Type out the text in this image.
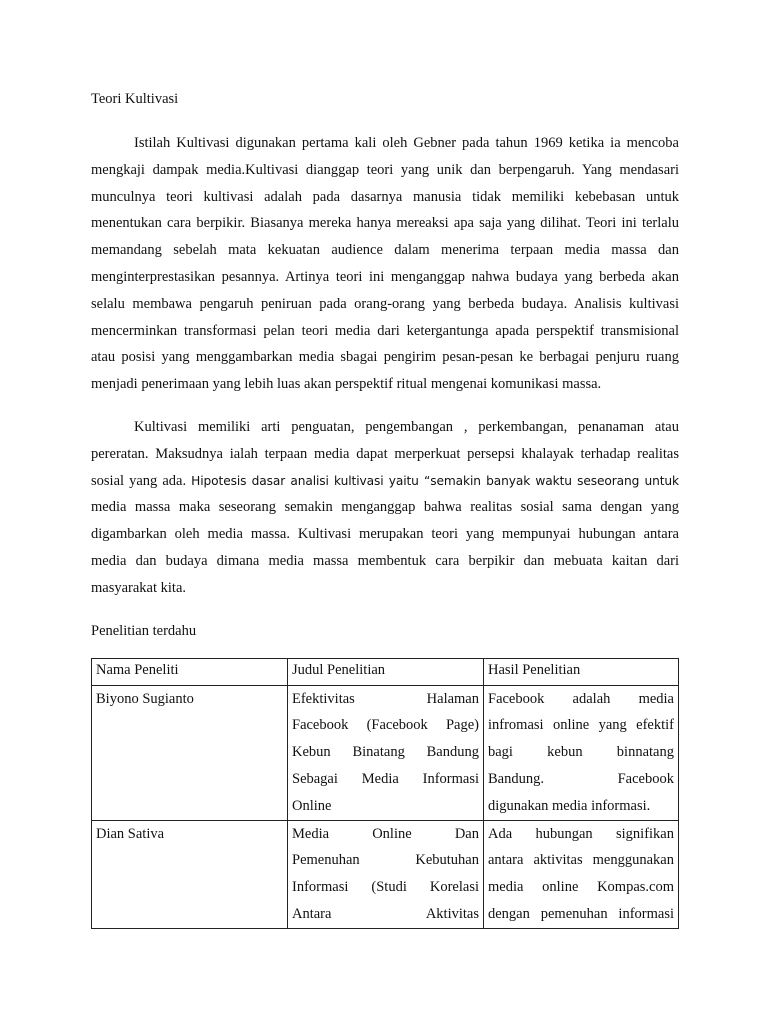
Teori Kultivasi

Istilah Kultivasi digunakan pertama kali oleh Gebner pada tahun 1969 ketika ia mencoba
mengkaji dampak media.Kultivasi dianggap teori yang unik dan berpengaruh. Yang mendasari
munculnya teori kultivasi adalah pada dasarnya manusia tidak memiliki kebebasan untuk
menentukan cara berpikir. Biasanya mereka hanya mereaksi apa saja yang dilihat. Teori ini terlalu
memandang sebelah mata kekuatan audience dalam menerima terpaan media massa dan
menginterprestasikan pesannya. Artinya teori ini menganggap nahwa budaya yang berbeda akan
selalu membawa pengaruh peniruan pada orang-orang yang berbeda budaya. Analisis kultivasi
mencerminkan transformasi pelan teori media dari ketergantunga apada perspektif transmisional
atau posisi yang menggambarkan media sbagai pengirim pesan-pesan ke berbagai penjuru ruang
menjadi penerimaan yang lebih luas akan perspektif ritual mengenai komunikasi massa.
Kultivasi memiliki arti penguatan, pengembangan , perkembangan, penanaman atau
pereratan. Maksudnya ialah terpaan media dapat merperkuat persepsi khalayak terhadap realitas
sosial yang ada. Hipotesis dasar analisi kultivasi yaitu “semakin banyak waktu seseorang untuk
media massa maka seseorang semakin menganggap bahwa realitas sosial sama dengan yang
digambarkan oleh media massa. Kultivasi merupakan teori yang mempunyai hubungan antara
media dan budaya dimana media massa membentuk cara berpikir dan mebuata kaitan dari
masyarakat kita.

Penelitian terdahu

Nama Peneliti	Judul Penelitian	Hasil Penelitian
Biyono Sugianto	Efektivitas Halaman
Facebook (Facebook Page)
Kebun Binatang Bandung
Sebagai Media Informasi
Online	Facebook adalah media
infromasi online yang efektif
bagi kebun binnatang
Bandung. Facebook
digunakan media informasi.

Dian Sativa	Media Online Dan
Pemenuhan Kebutuhan
Informasi (Studi Korelasi
Antara Aktivitas	Ada hubungan signifikan
antara aktivitas menggunakan
media online Kompas.com
dengan pemenuhan informasi
